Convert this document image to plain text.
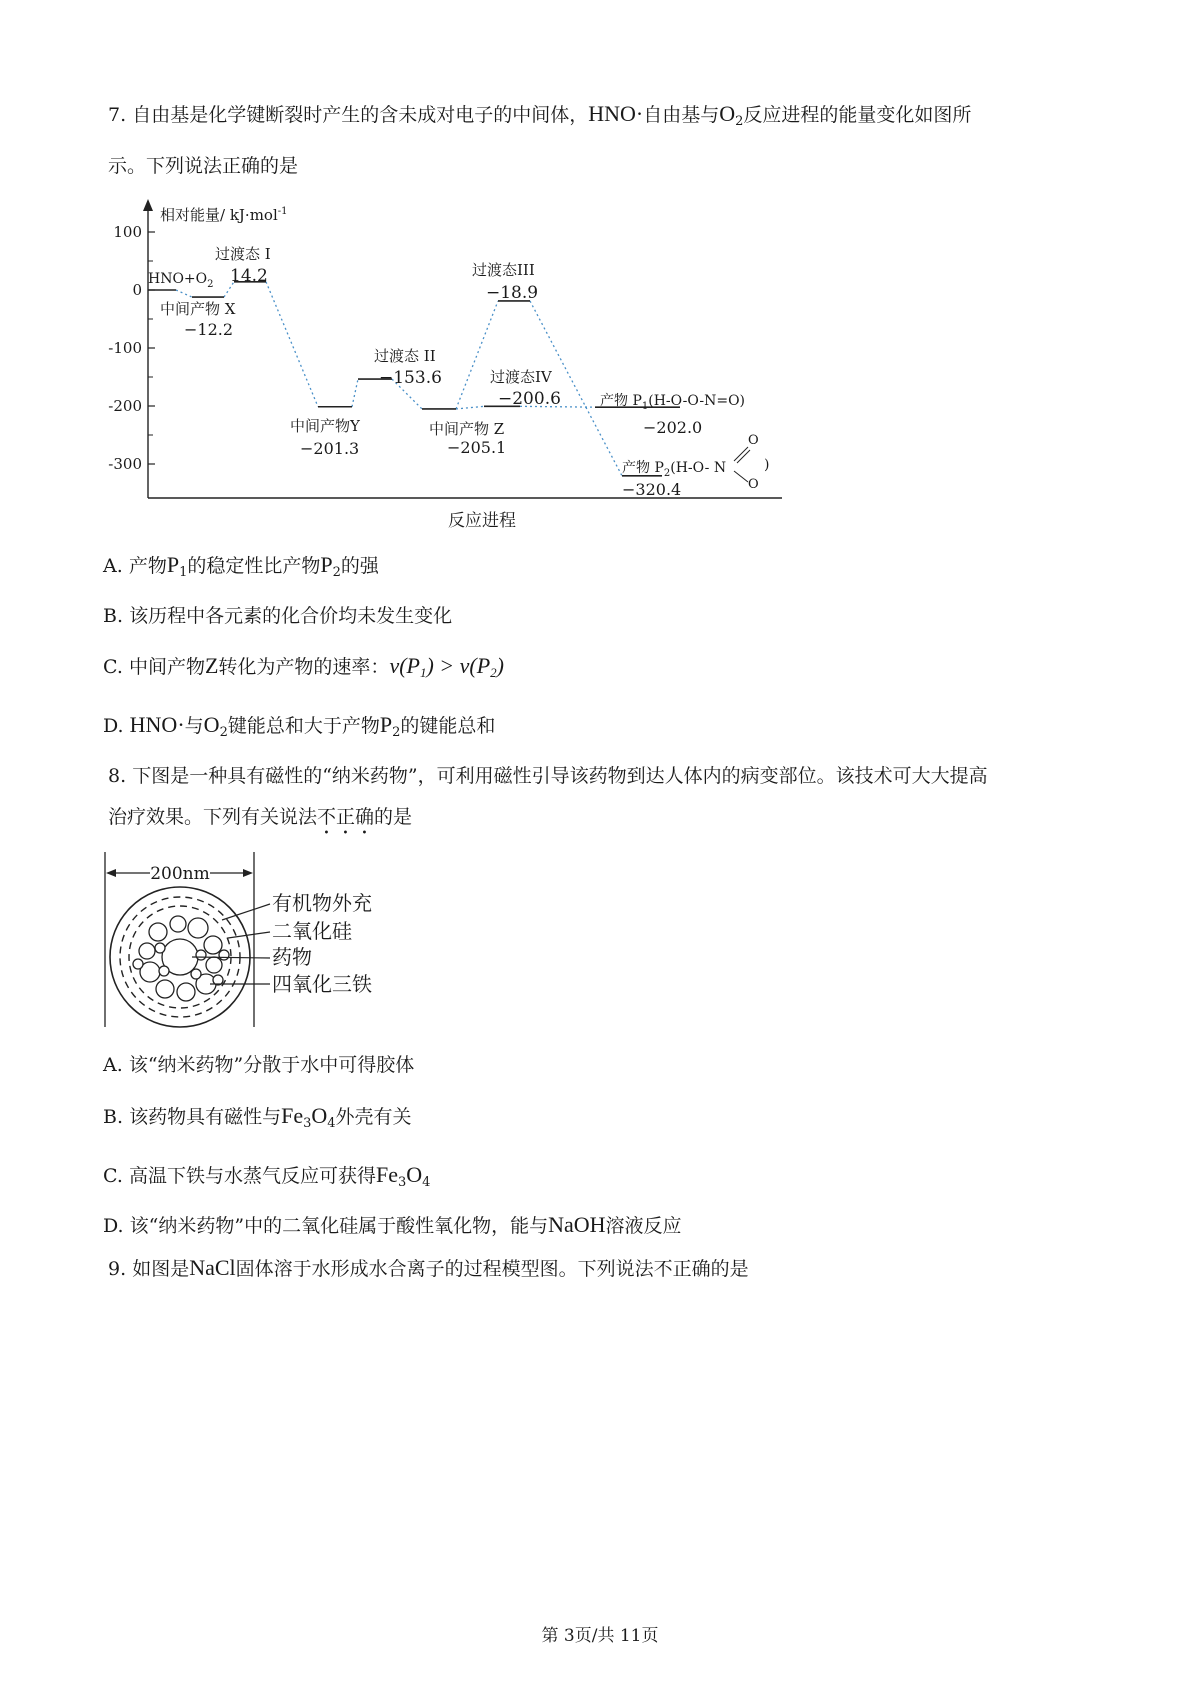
7. 自由基是化学键断裂时产生的含未成对电子的中间体，HNO·自由基与$O_2$反应进程的能量变化如图所
示。下列说法正确的是
相对能量/ kJ·mol$^{-1}$
100
0
-100
-200
-300
$HNO+O_2$
中间产物 X
−12.2
过渡态 I
14.2
中间产物Y
−201.3
过渡态 II
−153.6
中间产物 Z
−205.1
过渡态III
−18.9
过渡态IV
−200.6	产物 $P_1(H-O-O-N=O)$
−202.0
产物 $P_2(H-O-$ N
−320.4
O
O
)
反应进程
A. 产物$P_1$的稳定性比产物$P_2$的强
B. 该历程中各元素的化合价均未发生变化
C. 中间产物Z转化为产物的速率：$v(P_1) > v(P_2)$
D. HNO·与$O_2$键能总和大于产物$P_2$的键能总和
8. 下图是一种具有磁性的“纳米药物”，可利用磁性引导该药物到达人体内的病变部位。该技术可大大提高
治疗效果。下列有关说法不正确的是
200nm
有机物外充
二氧化硅
药物
四氧化三铁
A. 该“纳米药物”分散于水中可得胶体
B. 该药物具有磁性与$Fe_3O_4$外壳有关
C. 高温下铁与水蒸气反应可获得$Fe_3O_4$
D. 该“纳米药物”中的二氧化硅属于酸性氧化物，能与NaOH溶液反应
9. 如图是NaCl固体溶于水形成水合离子的过程模型图。下列说法不正确的是
第 3页/共 11页
